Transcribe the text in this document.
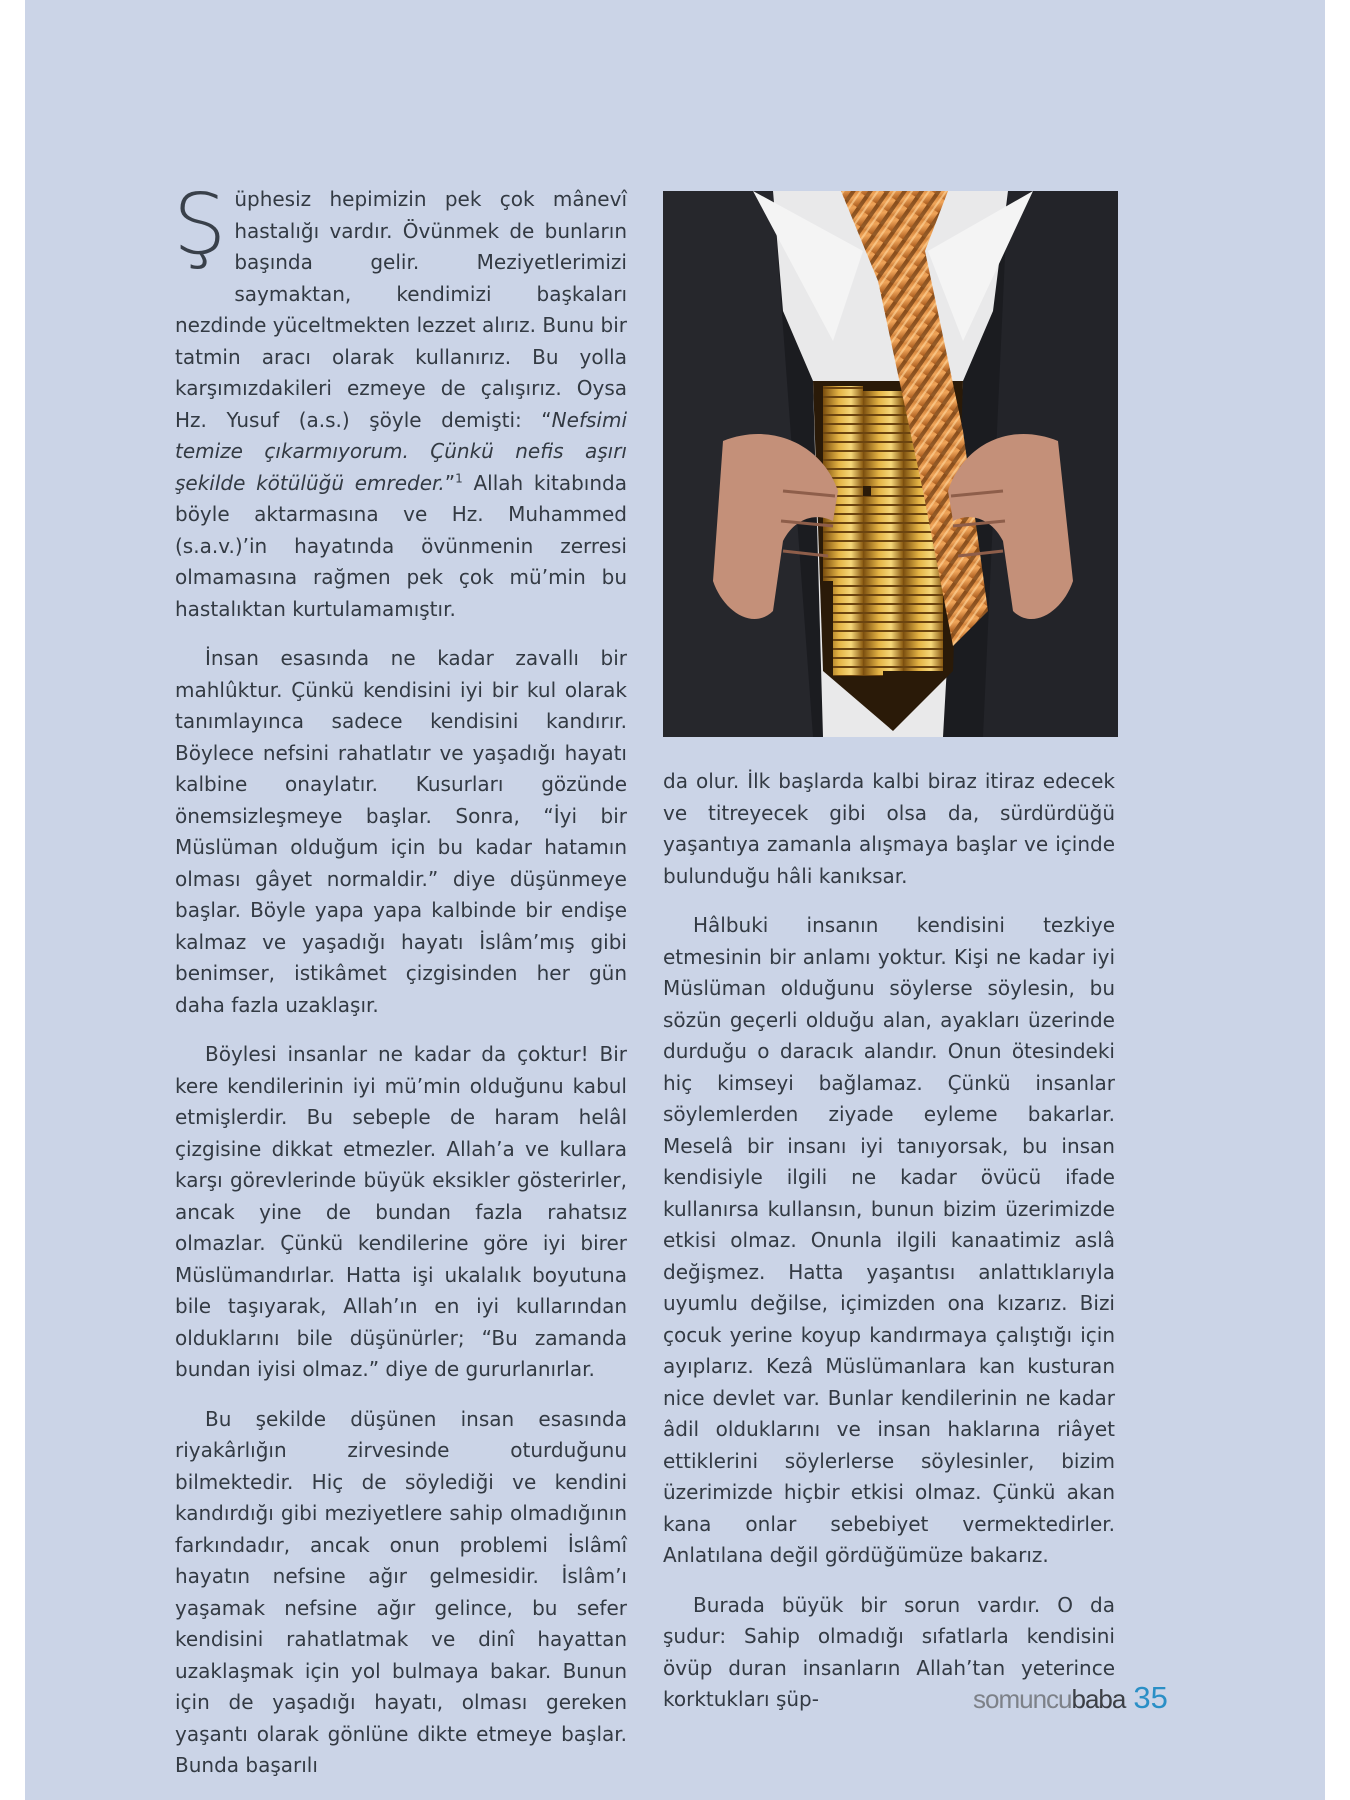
Şüphesiz hepimizin pek çok mânevî hastalığı vardır. Övünmek de bunların başında gelir. Meziyetlerimizi saymaktan, kendimizi başkaları nezdinde yüceltmekten lezzet alırız. Bunu bir tatmin aracı olarak kullanırız. Bu yolla karşımızdakileri ezmeye de çalışırız. Oysa Hz. Yusuf (a.s.) şöyle demişti: “Nefsimi temize çıkarmıyorum. Çünkü nefis aşırı şekilde kötülüğü emreder.”$^1$ Allah kitabında böyle aktarmasına ve Hz. Muhammed (s.a.v.)’in hayatında övünmenin zerresi olmamasına rağmen pek çok mü’min bu hastalıktan kurtulamamıştır.

İnsan esasında ne kadar zavallı bir mahlûktur. Çünkü kendisini iyi bir kul olarak tanımlayınca sadece kendisini kandırır. Böylece nefsini rahatlatır ve yaşadığı hayatı kalbine onaylatır. Kusurları gözünde önemsizleşmeye başlar. Sonra, “İyi bir Müslüman olduğum için bu kadar hatamın olması gâyet normaldir.” diye düşünmeye başlar. Böyle yapa yapa kalbinde bir endişe kalmaz ve yaşadığı hayatı İslâm’mış gibi benimser, istikâmet çizgisinden her gün daha fazla uzaklaşır.

Böylesi insanlar ne kadar da çoktur! Bir kere kendilerinin iyi mü’min olduğunu kabul etmişlerdir. Bu sebeple de haram helâl çizgisine dikkat etmezler. Allah’a ve kullara karşı görevlerinde büyük eksikler gösterirler, ancak yine de bundan fazla rahatsız olmazlar. Çünkü kendilerine göre iyi birer Müslümandırlar. Hatta işi ukalalık boyutuna bile taşıyarak, Allah’ın en iyi kullarından olduklarını bile düşünürler; “Bu zamanda bundan iyisi olmaz.” diye de gururlanırlar.

Bu şekilde düşünen insan esasında riyakârlığın zirvesinde oturduğunu bilmektedir. Hiç de söylediği ve kendini kandırdığı gibi meziyetlere sahip olmadığının farkındadır, ancak onun problemi İslâmî hayatın nefsine ağır gelmesidir. İslâm’ı yaşamak nefsine ağır gelince, bu sefer kendisini rahatlatmak ve dinî hayattan uzaklaşmak için yol bulmaya bakar. Bunun için de yaşadığı hayatı, olması gereken yaşantı olarak gönlüne dikte etmeye başlar. Bunda başarılı

da olur. İlk başlarda kalbi biraz itiraz edecek ve titreyecek gibi olsa da, sürdürdüğü yaşantıya zamanla alışmaya başlar ve içinde bulunduğu hâli kanıksar.

Hâlbuki insanın kendisini tezkiye etmesinin bir anlamı yoktur. Kişi ne kadar iyi Müslüman olduğunu söylerse söylesin, bu sözün geçerli olduğu alan, ayakları üzerinde durduğu o daracık alandır. Onun ötesindeki hiç kimseyi bağlamaz. Çünkü insanlar söylemlerden ziyade eyleme bakarlar. Meselâ bir insanı iyi tanıyorsak, bu insan kendisiyle ilgili ne kadar övücü ifade kullanırsa kullansın, bunun bizim üzerimizde etkisi olmaz. Onunla ilgili kanaatimiz aslâ değişmez. Hatta yaşantısı anlattıklarıyla uyumlu değilse, içimizden ona kızarız. Bizi çocuk yerine koyup kandırmaya çalıştığı için ayıplarız. Kezâ Müslümanlara kan kusturan nice devlet var. Bunlar kendilerinin ne kadar âdil olduklarını ve insan haklarına riâyet ettiklerini söylerlerse söylesinler, bizim üzerimizde hiçbir etkisi olmaz. Çünkü akan kana onlar sebebiyet vermektedirler. Anlatılana değil gördüğümüze bakarız.

Burada büyük bir sorun vardır. O da şudur: Sahip olmadığı sıfatlarla kendisini övüp duran insanların Allah’tan yeterince korktukları şüp-	somuncubaba 35
